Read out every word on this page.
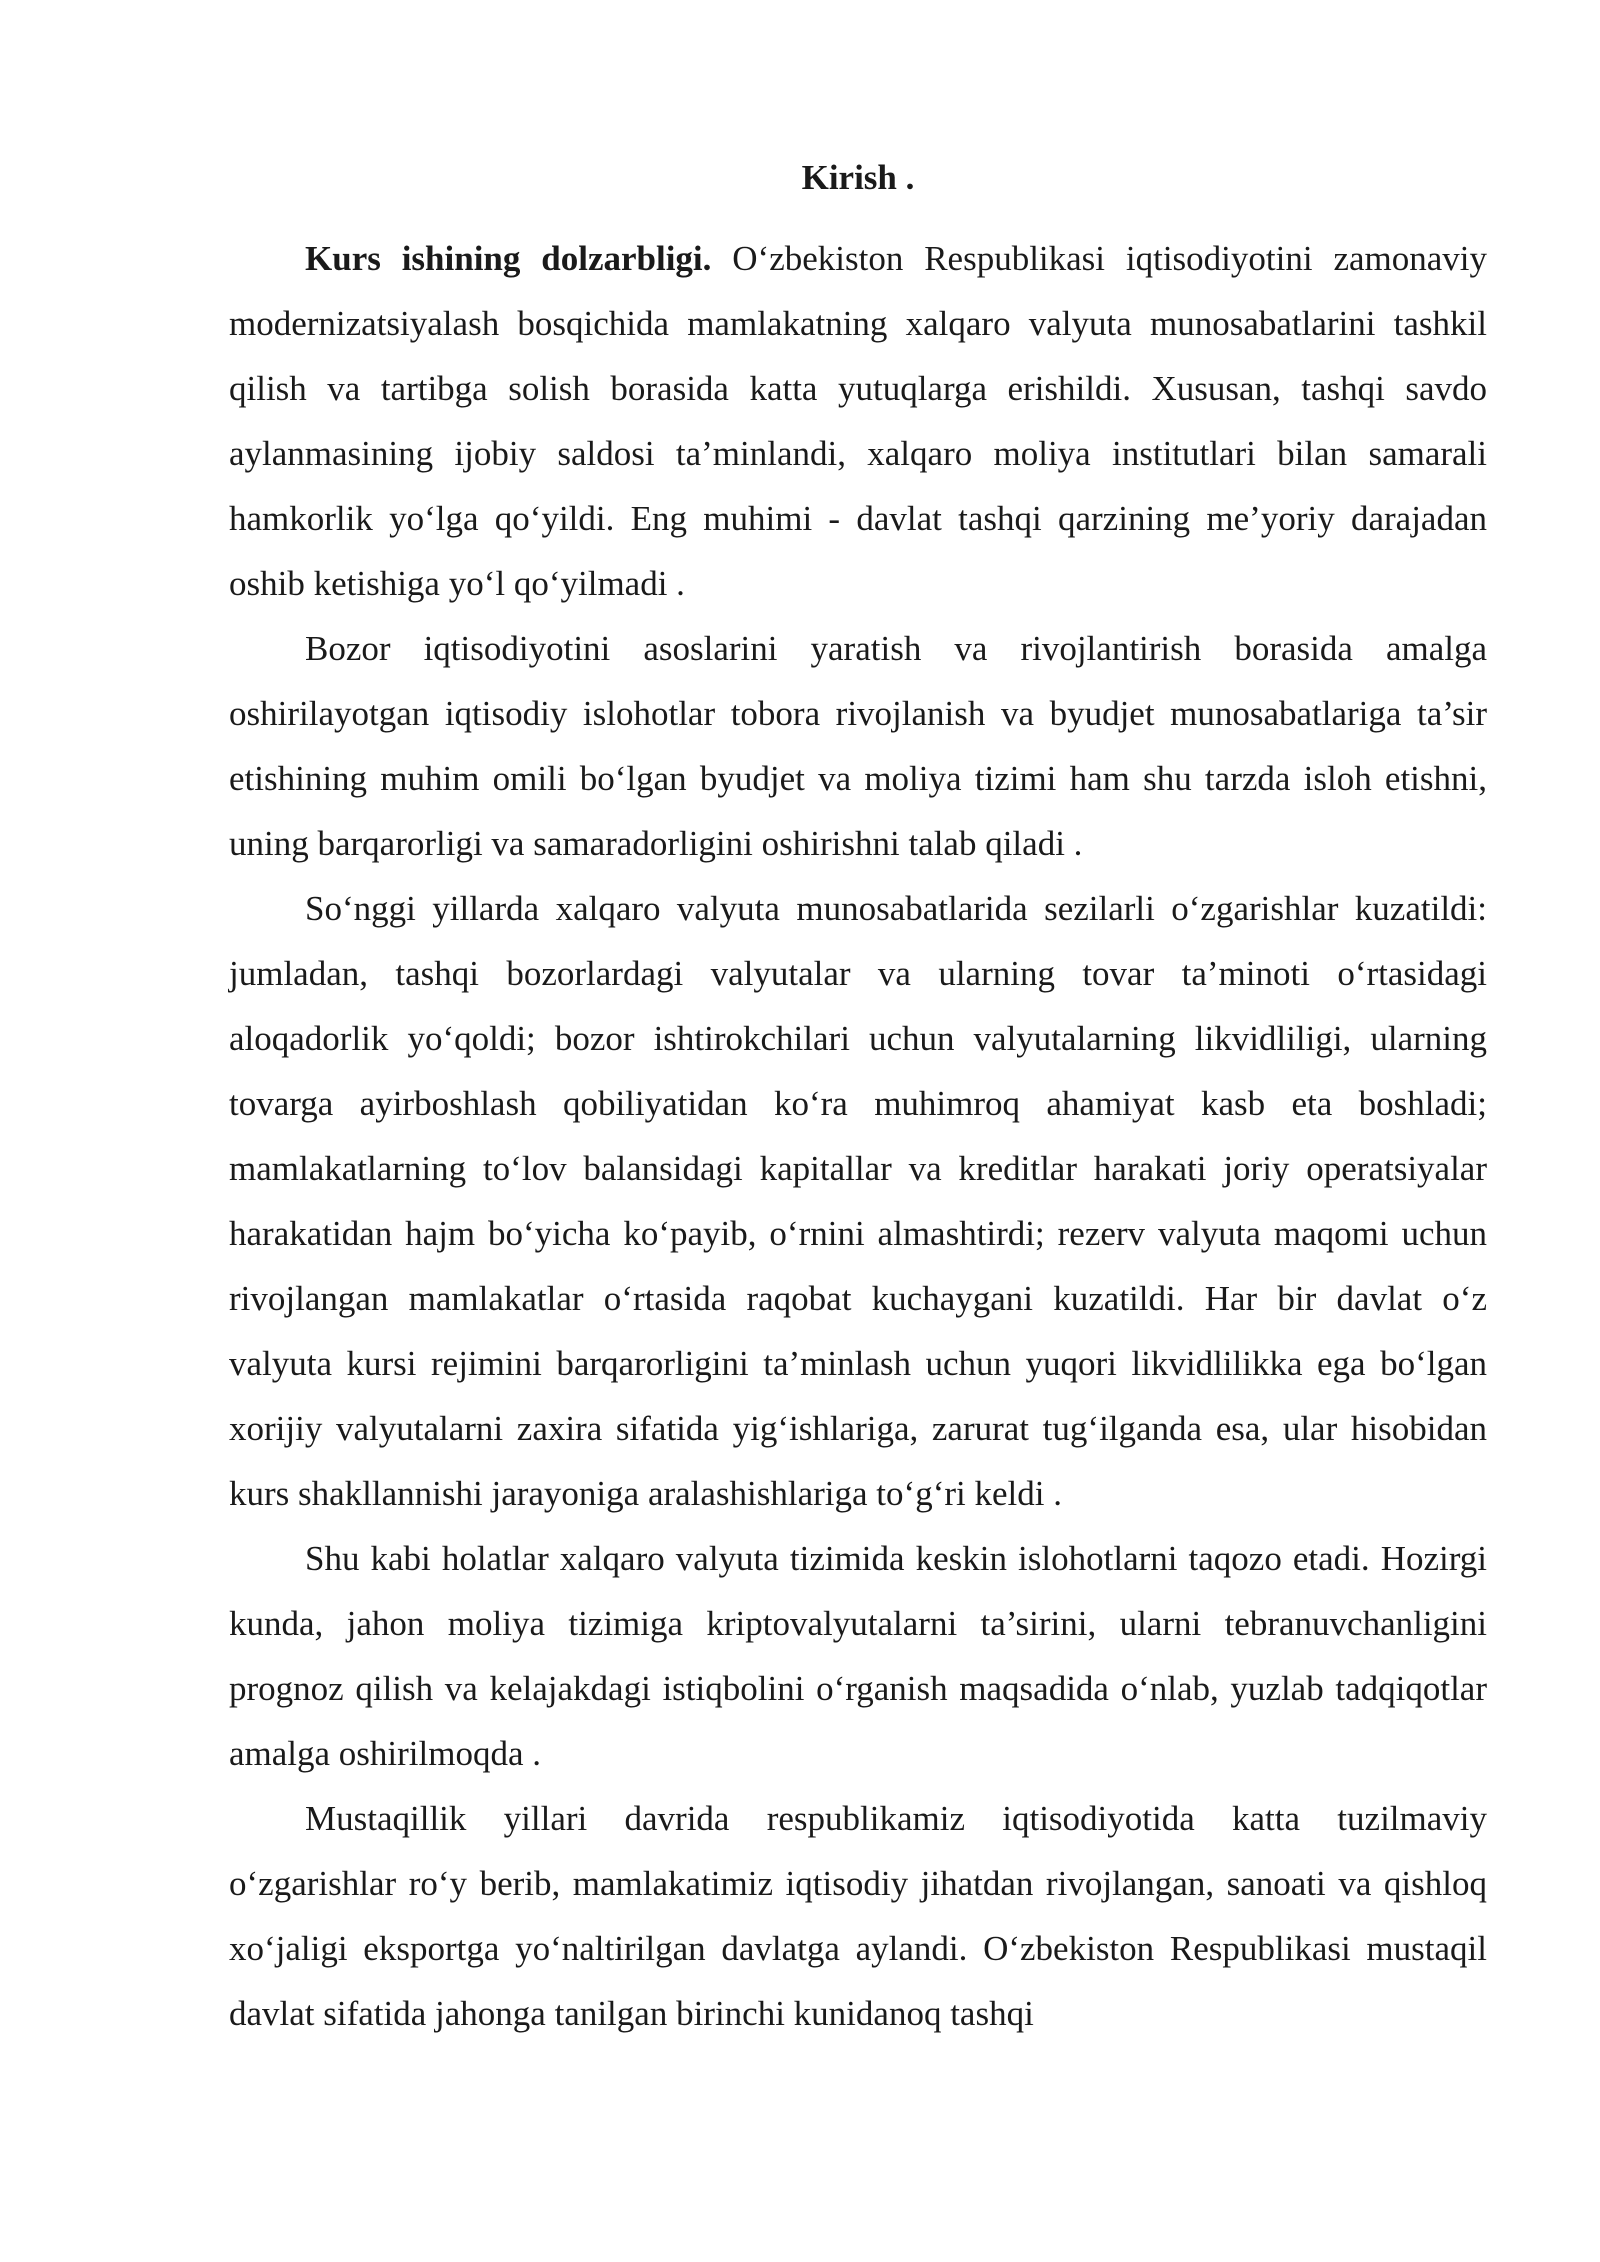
Kirish .

Kurs ishining dolzarbligi. O‘zbekiston Respublikasi iqtisodiyotini zamonaviy modernizatsiyalash bosqichida mamlakatning xalqaro valyuta munosabatlarini tashkil qilish va tartibga solish borasida katta yutuqlarga erishildi. Xususan, tashqi savdo aylanmasining ijobiy saldosi ta’minlandi, xalqaro moliya institutlari bilan samarali hamkorlik yo‘lga qo‘yildi. Eng muhimi - davlat tashqi qarzining me’yoriy darajadan oshib ketishiga yo‘l qo‘yilmadi .

Bozor iqtisodiyotini asoslarini yaratish va rivojlantirish borasida amalga oshirilayotgan iqtisodiy islohotlar tobora rivojlanish va byudjet munosabatlariga ta’sir etishining muhim omili bo‘lgan byudjet va moliya tizimi ham shu tarzda isloh etishni, uning barqarorligi va samaradorligini oshirishni talab qiladi .

So‘nggi yillarda xalqaro valyuta munosabatlarida sezilarli o‘zgarishlar kuzatildi: jumladan, tashqi bozorlardagi valyutalar va ularning tovar ta’minoti o‘rtasidagi aloqadorlik yo‘qoldi; bozor ishtirokchilari uchun valyutalarning likvidliligi, ularning tovarga ayirboshlash qobiliyatidan ko‘ra muhimroq ahamiyat kasb eta boshladi; mamlakatlarning to‘lov balansidagi kapitallar va kreditlar harakati joriy operatsiyalar harakatidan hajm bo‘yicha ko‘payib, o‘rnini almashtirdi; rezerv valyuta maqomi uchun rivojlangan mamlakatlar o‘rtasida raqobat kuchaygani kuzatildi. Har bir davlat o‘z valyuta kursi rejimini barqarorligini ta’minlash uchun yuqori likvidlilikka ega bo‘lgan xorijiy valyutalarni zaxira sifatida yig‘ishlariga, zarurat tug‘ilganda esa, ular hisobidan kurs shakllannishi jarayoniga aralashishlariga to‘g‘ri keldi .

Shu kabi holatlar xalqaro valyuta tizimida keskin islohotlarni taqozo etadi. Hozirgi kunda, jahon moliya tizimiga kriptovalyutalarni ta’sirini, ularni tebranuvchanligini prognoz qilish va kelajakdagi istiqbolini o‘rganish maqsadida o‘nlab, yuzlab tadqiqotlar amalga oshirilmoqda .

Mustaqillik yillari davrida respublikamiz iqtisodiyotida katta tuzilmaviy o‘zgarishlar ro‘y berib, mamlakatimiz iqtisodiy jihatdan rivojlangan, sanoati va qishloq xo‘jaligi eksportga yo‘naltirilgan davlatga aylandi. O‘zbekiston Respublikasi mustaqil davlat sifatida jahonga tanilgan birinchi kunidanoq tashqi
